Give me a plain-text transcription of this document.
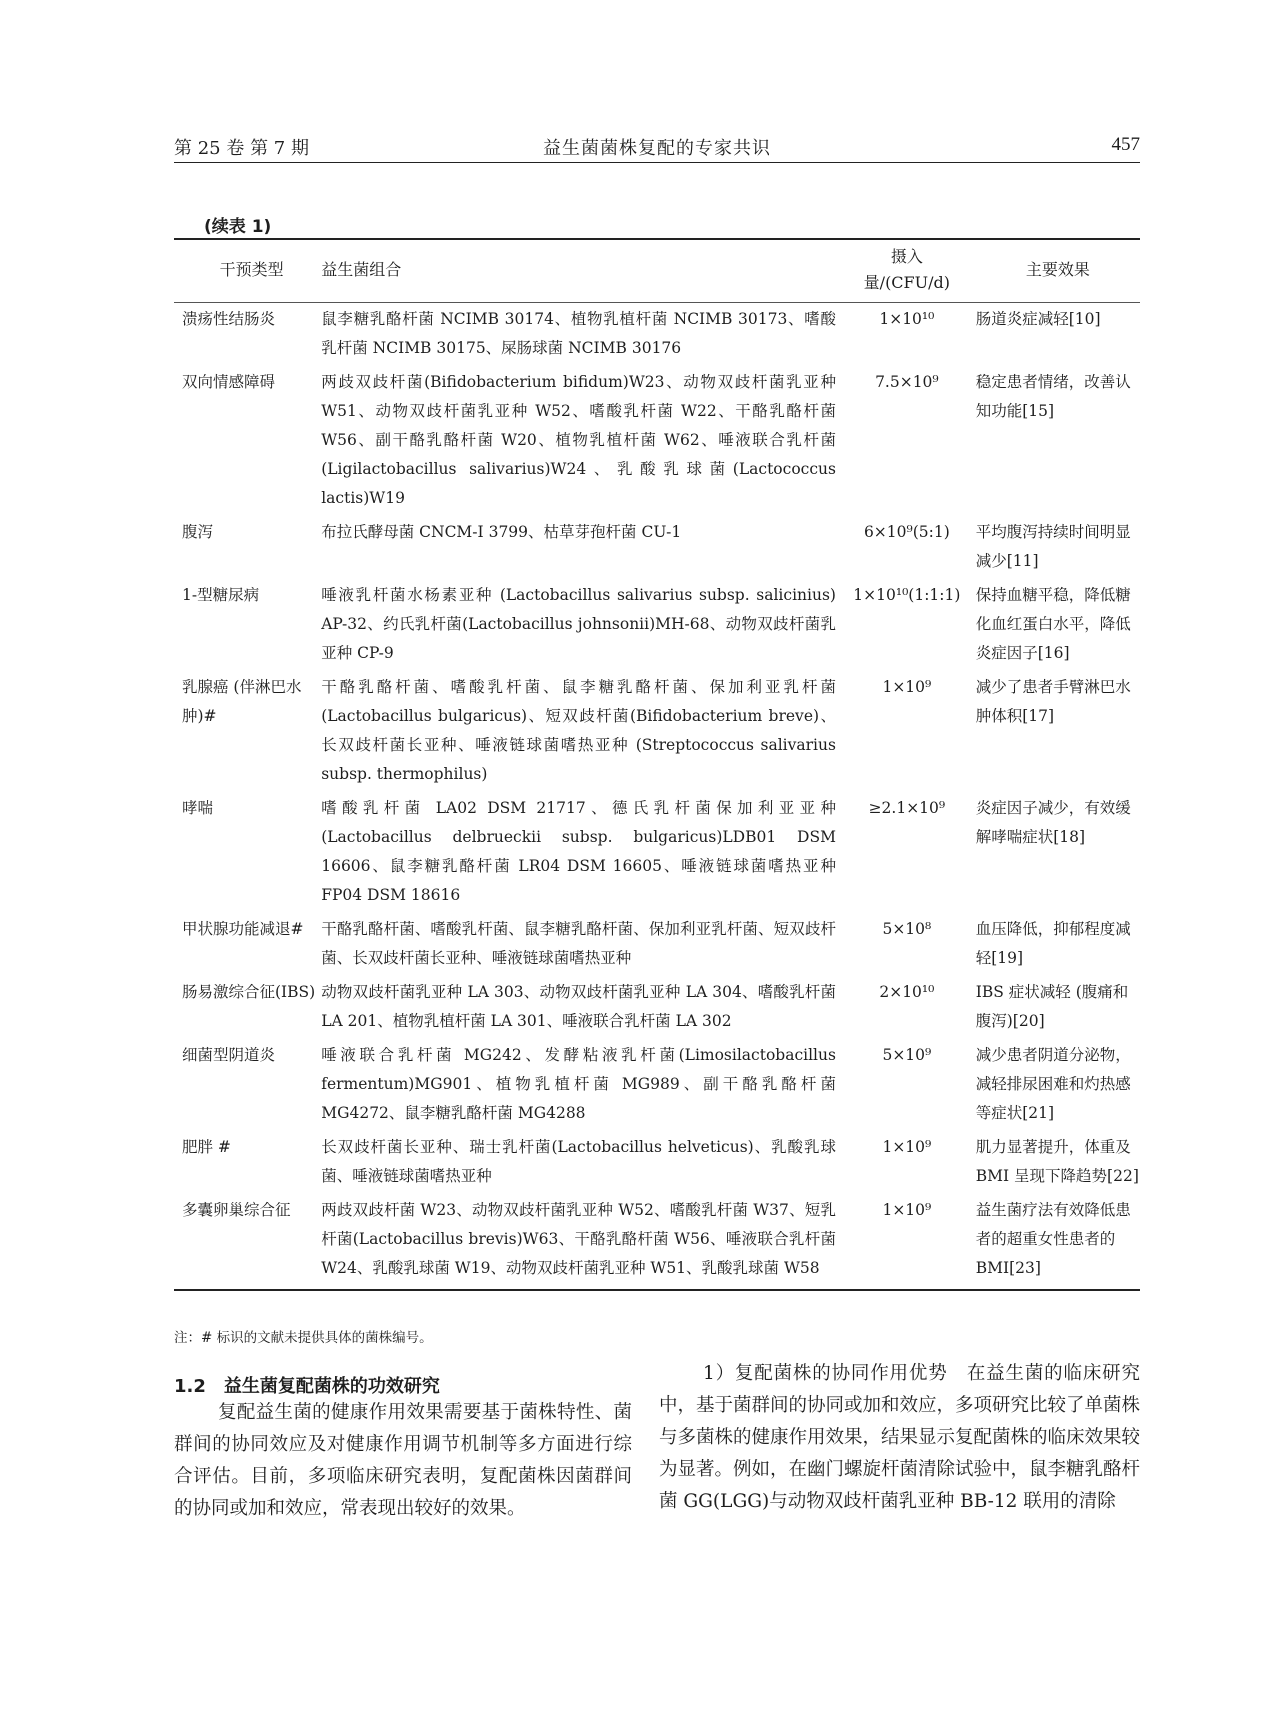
第 25 卷 第 7 期	益生菌菌株复配的专家共识	457
(续表 1)
干预类型	益生菌组合	摄入量/(CFU/d)	主要效果
溃疡性结肠炎	鼠李糖乳酪杆菌 NCIMB 30174、植物乳植杆菌 NCIMB 30173、嗜酸乳杆菌 NCIMB 30175、屎肠球菌 NCIMB 30176	1×10¹⁰	肠道炎症减轻[10]
双向情感障碍	两歧双歧杆菌(Bifidobacterium bifidum)W23、动物双歧杆菌乳亚种 W51、动物双歧杆菌乳亚种 W52、嗜酸乳杆菌 W22、干酪乳酪杆菌 W56、副干酪乳酪杆菌 W20、植物乳植杆菌 W62、唾液联合乳杆菌(Ligilactobacillus salivarius)W24、乳酸乳球菌(Lactococcus lactis)W19	7.5×10⁹	稳定患者情绪，改善认知功能[15]
腹泻	布拉氏酵母菌 CNCM-I 3799、枯草芽孢杆菌 CU-1	6×10⁹(5:1)	平均腹泻持续时间明显减少[11]
1-型糖尿病	唾液乳杆菌水杨素亚种 (Lactobacillus salivarius subsp. salicinius) AP-32、约氏乳杆菌(Lactobacillus johnsonii)MH-68、动物双歧杆菌乳亚种 CP-9	1×10¹⁰(1:1:1)	保持血糖平稳，降低糖化血红蛋白水平，降低炎症因子[16]
乳腺癌 (伴淋巴水肿)#	干酪乳酪杆菌、嗜酸乳杆菌、鼠李糖乳酪杆菌、保加利亚乳杆菌(Lactobacillus bulgaricus)、短双歧杆菌(Bifidobacterium breve)、长双歧杆菌长亚种、唾液链球菌嗜热亚种 (Streptococcus salivarius subsp. thermophilus)	1×10⁹	减少了患者手臂淋巴水肿体积[17]
哮喘	嗜酸乳杆菌 LA02 DSM 21717、德氏乳杆菌保加利亚亚种(Lactobacillus delbrueckii subsp. bulgaricus)LDB01 DSM 16606、鼠李糖乳酪杆菌 LR04 DSM 16605、唾液链球菌嗜热亚种 FP04 DSM 18616	≥2.1×10⁹	炎症因子减少，有效缓解哮喘症状[18]
甲状腺功能减退#	干酪乳酪杆菌、嗜酸乳杆菌、鼠李糖乳酪杆菌、保加利亚乳杆菌、短双歧杆菌、长双歧杆菌长亚种、唾液链球菌嗜热亚种	5×10⁸	血压降低，抑郁程度减轻[19]
肠易激综合征(IBS)	动物双歧杆菌乳亚种 LA 303、动物双歧杆菌乳亚种 LA 304、嗜酸乳杆菌 LA 201、植物乳植杆菌 LA 301、唾液联合乳杆菌 LA 302	2×10¹⁰	IBS 症状减轻 (腹痛和腹泻)[20]
细菌型阴道炎	唾液联合乳杆菌 MG242、发酵粘液乳杆菌(Limosilactobacillus fermentum)MG901、植物乳植杆菌 MG989、副干酪乳酪杆菌 MG4272、鼠李糖乳酪杆菌 MG4288	5×10⁹	减少患者阴道分泌物，减轻排尿困难和灼热感等症状[21]
肥胖 #	长双歧杆菌长亚种、瑞士乳杆菌(Lactobacillus helveticus)、乳酸乳球菌、唾液链球菌嗜热亚种	1×10⁹	肌力显著提升，体重及 BMI 呈现下降趋势[22]
多囊卵巢综合征	两歧双歧杆菌 W23、动物双歧杆菌乳亚种 W52、嗜酸乳杆菌 W37、短乳杆菌(Lactobacillus brevis)W63、干酪乳酪杆菌 W56、唾液联合乳杆菌 W24、乳酸乳球菌 W19、动物双歧杆菌乳亚种 W51、乳酸乳球菌 W58	1×10⁹	益生菌疗法有效降低患者的超重女性患者的 BMI[23]
注：# 标识的文献未提供具体的菌株编号。
1.2　益生菌复配菌株的功效研究
复配益生菌的健康作用效果需要基于菌株特性、菌群间的协同效应及对健康作用调节机制等多方面进行综合评估。目前，多项临床研究表明，复配菌株因菌群间的协同或加和效应，常表现出较好的效果。
1）复配菌株的协同作用优势　在益生菌的临床研究中，基于菌群间的协同或加和效应，多项研究比较了单菌株与多菌株的健康作用效果，结果显示复配菌株的临床效果较为显著。例如，在幽门螺旋杆菌清除试验中，鼠李糖乳酪杆菌 GG(LGG)与动物双歧杆菌乳亚种 BB-12 联用的清除
